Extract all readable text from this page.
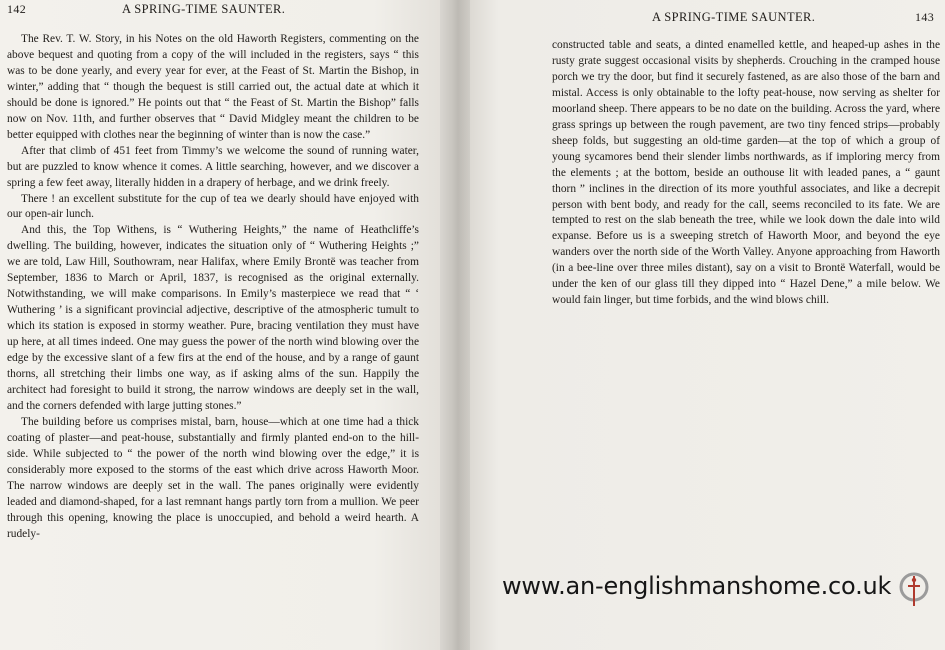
142	A SPRING-TIME SAUNTER.

The Rev. T. W. Story, in his Notes on the old Haworth Registers, commenting on the above bequest and quoting from a copy of the will included in the registers, says “ this was to be done yearly, and every year for ever, at the Feast of St. Martin the Bishop, in winter,” adding that “ though the bequest is still carried out, the actual date at which it should be done is ignored.” He points out that “ the Feast of St. Martin the Bishop” falls now on Nov. 11th, and further observes that “ David Midgley meant the children to be better equipped with clothes near the beginning of winter than is now the case.”

After that climb of 451 feet from Timmy’s we welcome the sound of running water, but are puzzled to know whence it comes. A little searching, however, and we discover a spring a few feet away, literally hidden in a drapery of herbage, and we drink freely.

There ! an excellent substitute for the cup of tea we dearly should have enjoyed with our open-air lunch.

And this, the Top Withens, is “ Wuthering Heights,” the name of Heathcliffe’s dwelling. The building, however, indicates the situation only of “ Wuthering Heights ;” we are told, Law Hill, Southowram, near Halifax, where Emily Brontë was teacher from September, 1836 to March or April, 1837, is recognised as the original externally. Notwithstanding, we will make comparisons. In Emily’s masterpiece we read that “ ‘ Wuthering ’ is a significant provincial adjective, descriptive of the atmospheric tumult to which its station is exposed in stormy weather. Pure, bracing ventilation they must have up here, at all times indeed. One may guess the power of the north wind blowing over the edge by the excessive slant of a few firs at the end of the house, and by a range of gaunt thorns, all stretching their limbs one way, as if asking alms of the sun. Happily the architect had foresight to build it strong, the narrow windows are deeply set in the wall, and the corners defended with large jutting stones.”

The building before us comprises mistal, barn, house—which at one time had a thick coating of plaster—and peat-house, substantially and firmly planted end-on to the hill-side. While subjected to “ the power of the north wind blowing over the edge,” it is considerably more exposed to the storms of the east which drive across Haworth Moor. The narrow windows are deeply set in the wall. The panes originally were evidently leaded and diamond-shaped, for a last remnant hangs partly torn from a mullion. We peer through this opening, knowing the place is unoccupied, and behold a weird hearth. A rudely-

A SPRING-TIME SAUNTER.	143

constructed table and seats, a dinted enamelled kettle, and heaped-up ashes in the rusty grate suggest occasional visits by shepherds. Crouching in the cramped house porch we try the door, but find it securely fastened, as are also those of the barn and mistal. Access is only obtainable to the lofty peat-house, now serving as shelter for moorland sheep. There appears to be no date on the building. Across the yard, where grass springs up between the rough pavement, are two tiny fenced strips—probably sheep folds, but suggesting an old-time garden—at the top of which a group of young sycamores bend their slender limbs northwards, as if imploring mercy from the elements ; at the bottom, beside an outhouse lit with leaded panes, a “ gaunt thorn ” inclines in the direction of its more youthful associates, and like a decrepit person with bent body, and ready for the call, seems reconciled to its fate. We are tempted to rest on the slab beneath the tree, while we look down the dale into wild expanse. Before us is a sweeping stretch of Haworth Moor, and beyond the eye wanders over the north side of the Worth Valley. Anyone approaching from Haworth (in a bee-line over three miles distant), say on a visit to Brontë Waterfall, would be under the ken of our glass till they dipped into “ Hazel Dene,” a mile below. We would fain linger, but time forbids, and the wind blows chill.

www.an-englishmanshome.co.uk
